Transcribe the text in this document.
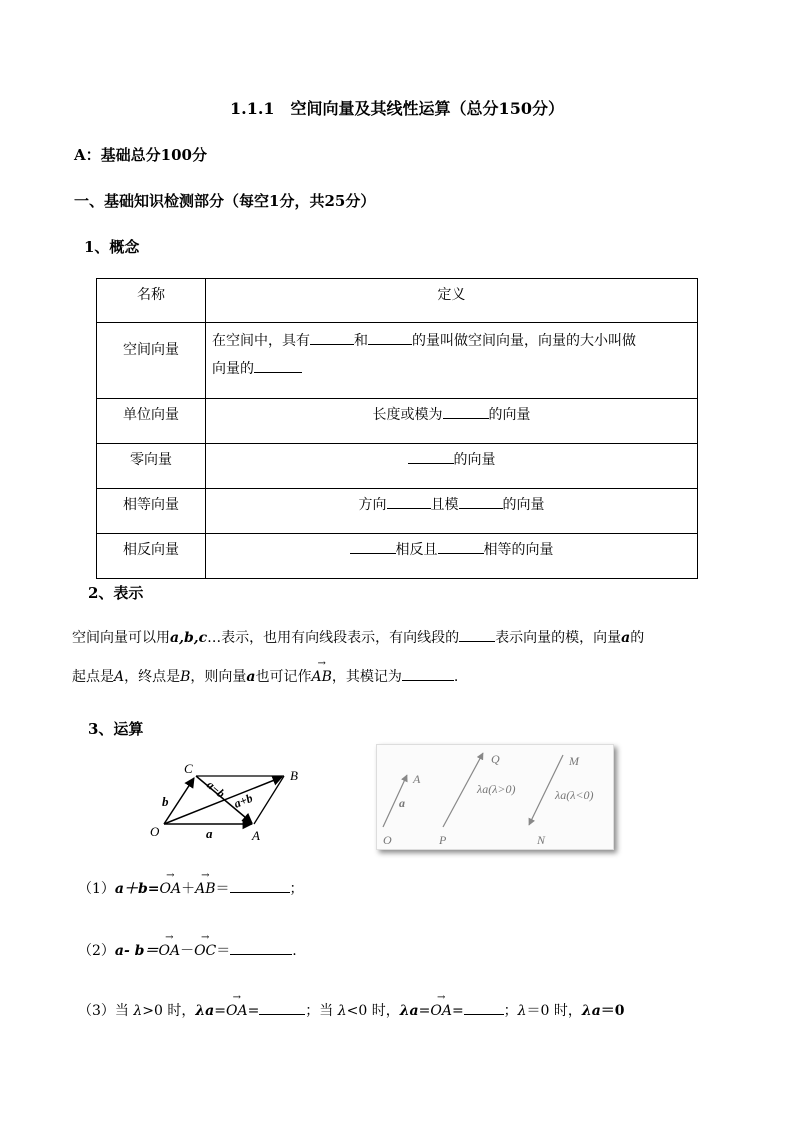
1.1.1　空间向量及其线性运算（总分150分）
A：基础总分100分
一、基础知识检测部分（每空1分，共25分）
1、概念
名称	定义
空间向量	在空间中，具有 和 的量叫做空间向量，向量的大小叫做
向量的
单位向量	长度或模为 的向量
零向量	的向量
相等向量	方向 且模 的向量
相反向量	相反且 相等的向量
2、表示
空间向量可以用a,b,c…表示，也用有向线段表示，有向线段的	表示向量的模，向量a的
起点是A，终点是B，则向量a也可记作→ AB，其模记为	.
3、运算
C	B
O	A
b
a
a−b
a+b
A
O
a
Q
P
λa(λ>0)
M
N
λa(λ<0)
（1）a＋b=→ OA＋→ AB＝	；
（2）a- b＝→ OA－→ OC＝	.
（3）当 λ>0 时，λa=→ OA=	；当 λ<0 时，λa=→ OA=	；λ＝0 时，λa＝0
